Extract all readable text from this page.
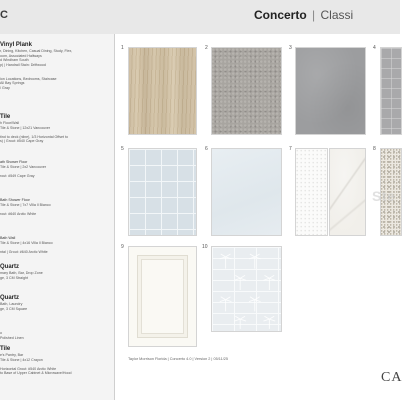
C	Concerto | Classi
Vinyl Plank
r, Dining, Kitchen, Casual Dining, Study, Flex,
oom, Associated Hallways
d Windham South
p) | Handrail Stain: Driftwood

ion Locations, Bedrooms, Staircase
All Bay Springs
/ Gray
Tile
h Floor/Wall
Tile & Stone | 12x21 Vancouver

tind to deck (nline), 1/3 Horizontal Offset to
s) | Grout: #540 Cape Gray
ath Shower Floor
Tile & Stone | 2x2 Vancouver

rout: #549 Cape Gray
Bath Shower Floor
Tile & Stone | 7x7 Villa Il Bianco

rout: #640 Arctic White
Bath Wall
Tile & Stone | 4x16 Villa Il Bianco

ntal | Grout: #640 Arctic White
Quartz
mary Bath, Bar, Drop Zone
ge, 3 CM Straight
Quartz
Bath, Laundry
ge, 3 CM Square
o
Polished Linen
Tile
e's Pantry, Bar
Tile & Stone | 4x12 Crayon

Horizontal Grout: #540 Arctic White
to Base of Upper Cabinet & Microwave/Hood
1	2	3	4
5	6	7	8
9	10
Ste
Taylor Morrison Florida | Concerto 4.0 | Version 2 | 05/11/25
CA
